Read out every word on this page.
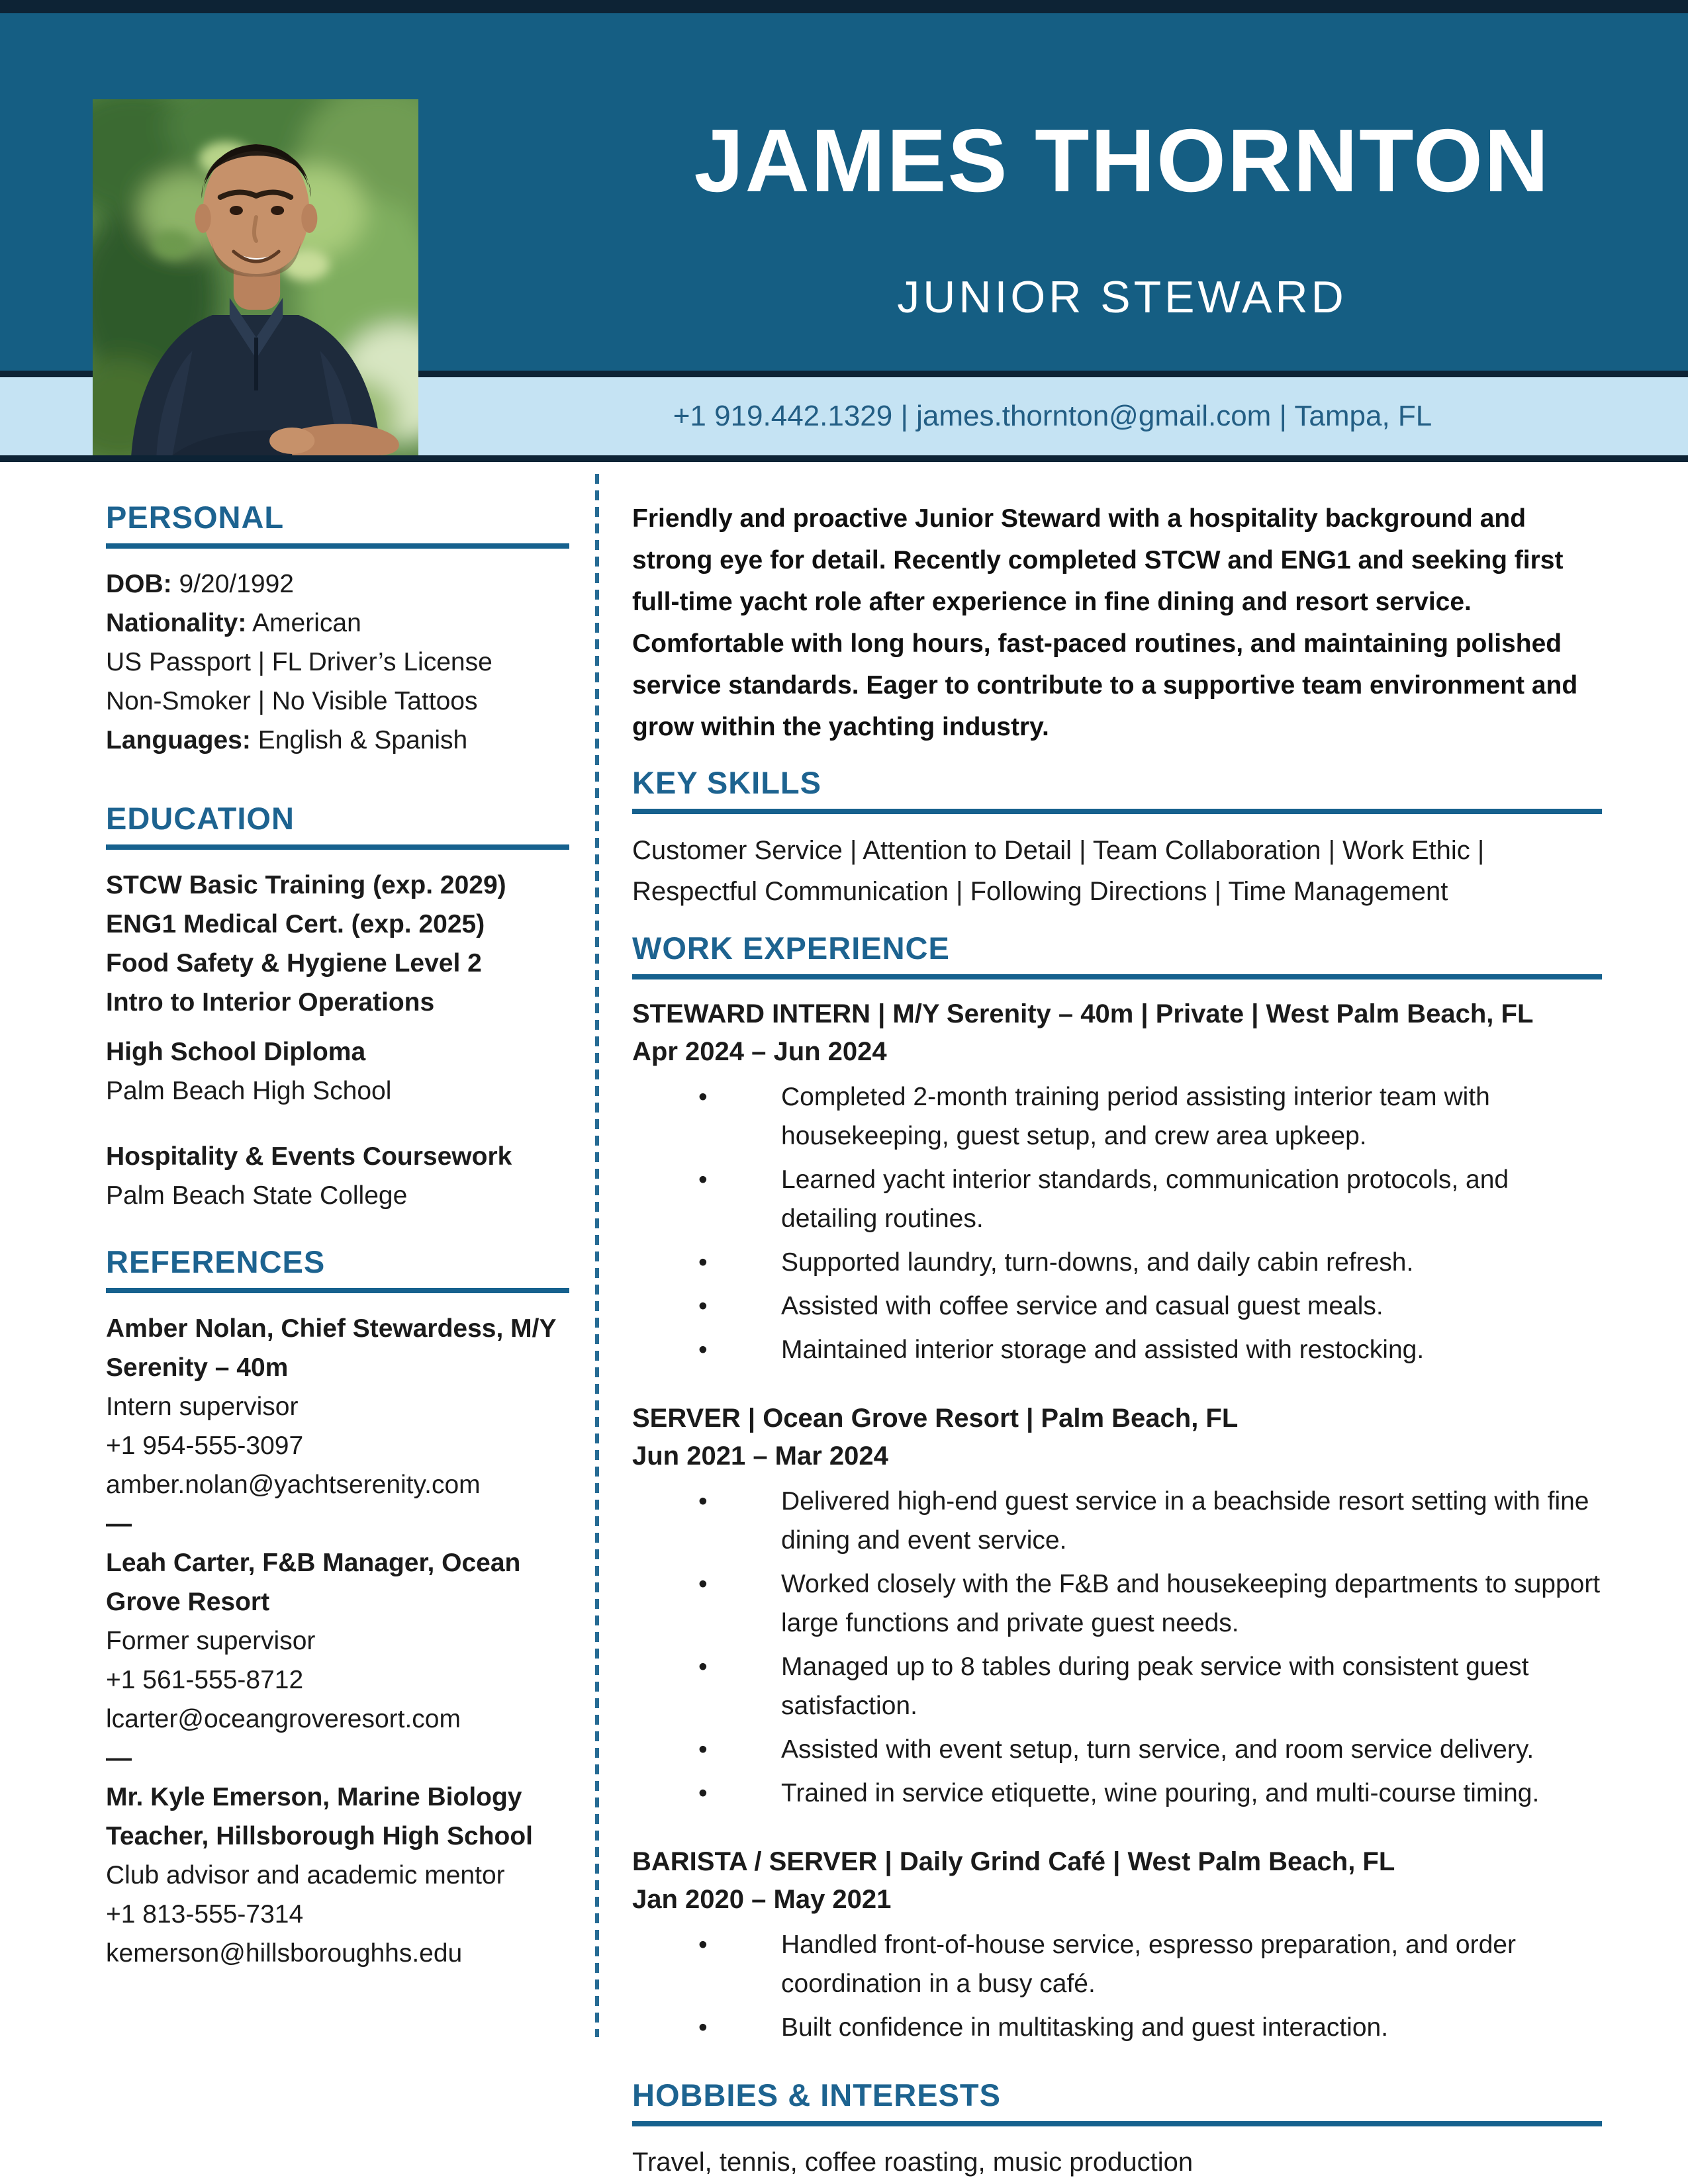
JAMES THORNTON
JUNIOR STEWARD
+1 919.442.1329 | james.thornton@gmail.com | Tampa, FL
PERSONAL
DOB: 9/20/1992
Nationality: American
US Passport | FL Driver’s License
Non-Smoker | No Visible Tattoos
Languages: English & Spanish
EDUCATION
STCW Basic Training (exp. 2029)
ENG1 Medical Cert. (exp. 2025)
Food Safety & Hygiene Level 2
Intro to Interior Operations
High School Diploma
Palm Beach High School
Hospitality & Events Coursework
Palm Beach State College
REFERENCES
Amber Nolan, Chief Stewardess, M/Y Serenity – 40m
Intern supervisor
+1 954-555-3097
amber.nolan@yachtserenity.com
—
Leah Carter, F&B Manager, Ocean Grove Resort
Former supervisor
+1 561-555-8712
lcarter@oceangroveresort.com
—
Mr. Kyle Emerson, Marine Biology Teacher, Hillsborough High School
Club advisor and academic mentor
+1 813-555-7314
kemerson@hillsboroughhs.edu
Friendly and proactive Junior Steward with a hospitality background and strong eye for detail. Recently completed STCW and ENG1 and seeking first full-time yacht role after experience in fine dining and resort service. Comfortable with long hours, fast-paced routines, and maintaining polished service standards. Eager to contribute to a supportive team environment and grow within the yachting industry.
KEY SKILLS
Customer Service | Attention to Detail | Team Collaboration | Work Ethic | Respectful Communication | Following Directions | Time Management
WORK EXPERIENCE
STEWARD INTERN | M/Y Serenity – 40m | Private | West Palm Beach, FL
Apr 2024 – Jun 2024
• Completed 2-month training period assisting interior team with housekeeping, guest setup, and crew area upkeep.
• Learned yacht interior standards, communication protocols, and detailing routines.
• Supported laundry, turn-downs, and daily cabin refresh.
• Assisted with coffee service and casual guest meals.
• Maintained interior storage and assisted with restocking.
SERVER | Ocean Grove Resort | Palm Beach, FL
Jun 2021 – Mar 2024
• Delivered high-end guest service in a beachside resort setting with fine dining and event service.
• Worked closely with the F&B and housekeeping departments to support large functions and private guest needs.
• Managed up to 8 tables during peak service with consistent guest satisfaction.
• Assisted with event setup, turn service, and room service delivery.
• Trained in service etiquette, wine pouring, and multi-course timing.
BARISTA / SERVER | Daily Grind Café | West Palm Beach, FL
Jan 2020 – May 2021
• Handled front-of-house service, espresso preparation, and order coordination in a busy café.
• Built confidence in multitasking and guest interaction.
HOBBIES & INTERESTS
Travel, tennis, coffee roasting, music production
